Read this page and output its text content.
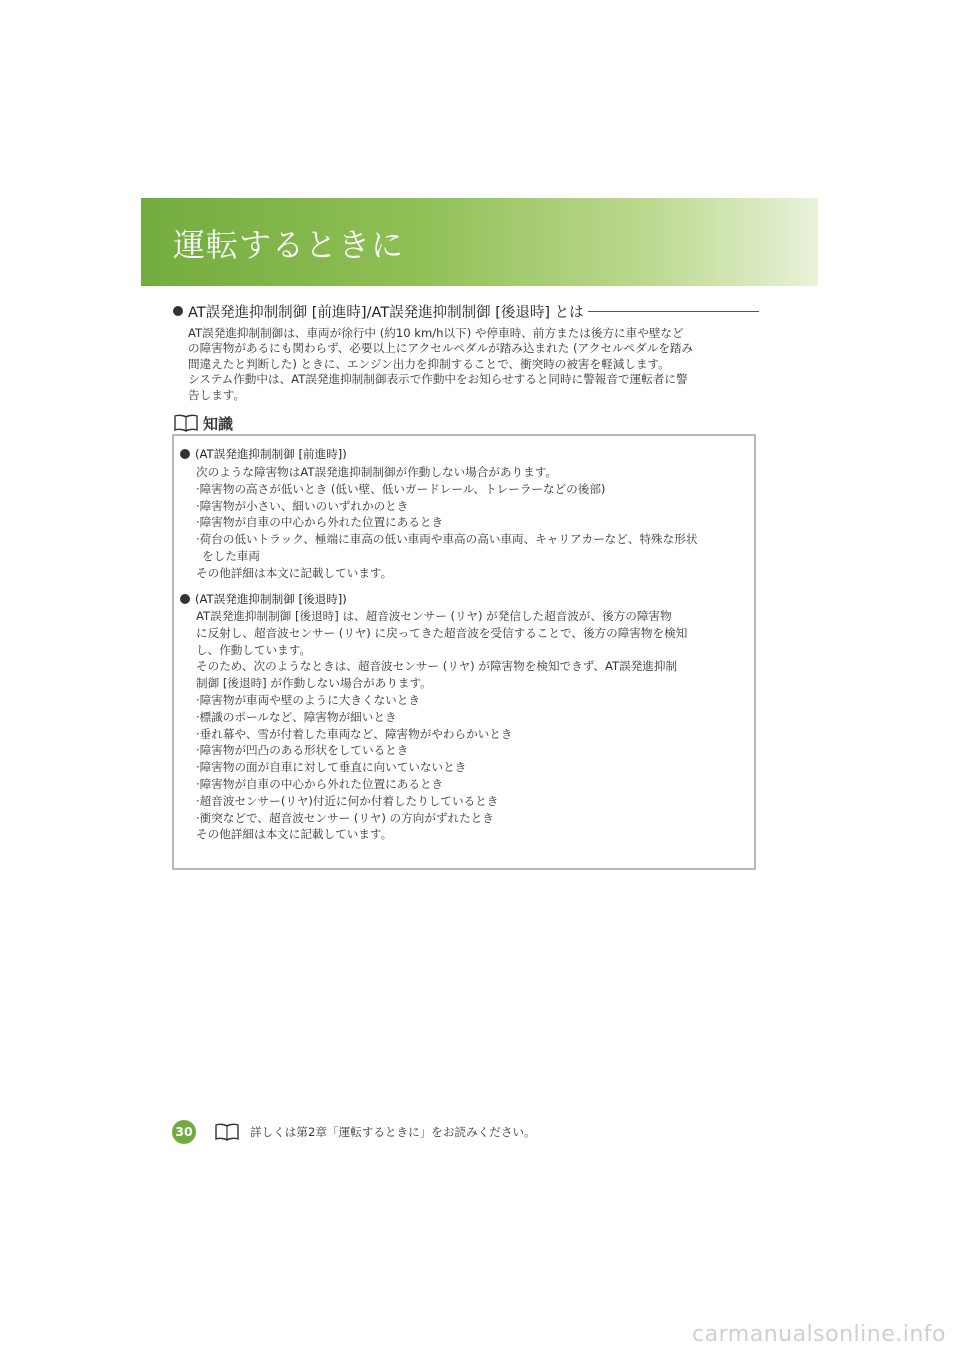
運転するときに
AT誤発進抑制制御 [前進時]/AT誤発進抑制制御 [後退時] とは

AT誤発進抑制制御は、車両が徐行中 (約10 km/h以下) や停車時、前方または後方に車や壁など

の障害物があるにも関わらず、必要以上にアクセルペダルが踏み込まれた (アクセルペダルを踏み

間違えたと判断した) ときに、エンジン出力を抑制することで、衝突時の被害を軽減します。

システム作動中は、AT誤発進抑制制御表示で作動中をお知らせすると同時に警報音で運転者に警

告します。

知識
(AT誤発進抑制制御 [前進時])

次のような障害物はAT誤発進抑制制御が作動しない場合があります。

·障害物の高さが低いとき (低い壁、低いガードレール、トレーラーなどの後部)

·障害物が小さい、細いのいずれかのとき

·障害物が自車の中心から外れた位置にあるとき

·荷台の低いトラック、極端に車高の低い車両や車高の高い車両、キャリアカーなど、特殊な形状

をした車両

その他詳細は本文に記載しています。

(AT誤発進抑制制御 [後退時])

AT誤発進抑制制御 [後退時] は、超音波センサー (リヤ) が発信した超音波が、後方の障害物

に反射し、超音波センサー (リヤ) に戻ってきた超音波を受信することで、後方の障害物を検知

し、作動しています。

そのため、次のようなときは、超音波センサー (リヤ) が障害物を検知できず、AT誤発進抑制

制御 [後退時] が作動しない場合があります。

·障害物が車両や壁のように大きくないとき

·標識のポールなど、障害物が細いとき

·垂れ幕や、雪が付着した車両など、障害物がやわらかいとき

·障害物が凹凸のある形状をしているとき

·障害物の面が自車に対して垂直に向いていないとき

·障害物が自車の中心から外れた位置にあるとき

·超音波センサー(リヤ)付近に何か付着したりしているとき

·衝突などで、超音波センサー (リヤ) の方向がずれたとき

その他詳細は本文に記載しています。

30	詳しくは第2章「運転するときに」をお読みください。
carmanualsonline.info
